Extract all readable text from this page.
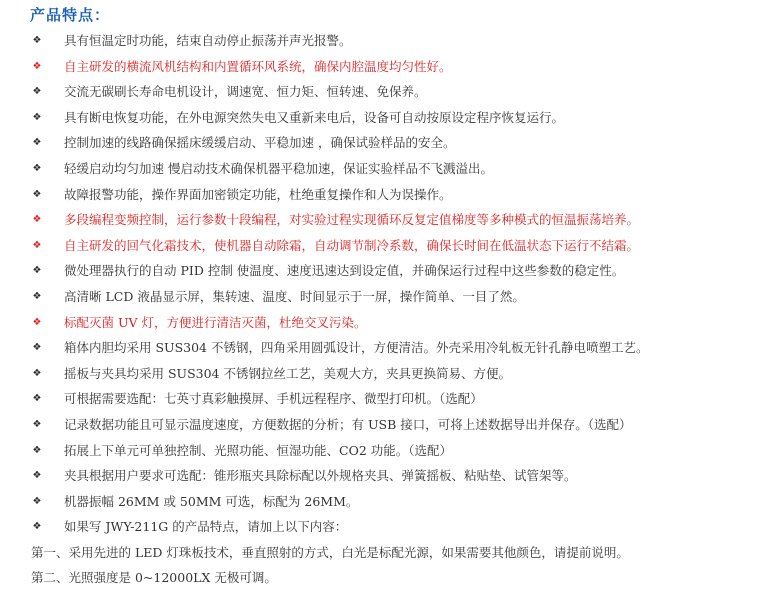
产品特点：
❖ 具有恒温定时功能，结束自动停止振荡并声光报警。
❖ 自主研发的横流风机结构和内置循环风系统，确保内腔温度均匀性好。
❖ 交流无碳刷长寿命电机设计，调速宽、恒力矩、恒转速、免保养。
❖ 具有断电恢复功能，在外电源突然失电又重新来电后，设备可自动按原设定程序恢复运行。
❖ 控制加速的线路确保摇床缓缓启动、平稳加速 ，确保试验样品的安全。
❖ 轻缓启动均匀加速 慢启动技术确保机器平稳加速，保证实验样品不飞溅溢出。
❖ 故障报警功能，操作界面加密锁定功能，杜绝重复操作和人为误操作。
❖ 多段编程变频控制，运行参数十段编程，对实验过程实现循环反复定值梯度等多种模式的恒温振荡培养。
❖ 自主研发的回气化霜技术，使机器自动除霜，自动调节制冷系数，确保长时间在低温状态下运行不结霜。
❖ 微处理器执行的自动 PID 控制 使温度、速度迅速达到设定值，并确保运行过程中这些参数的稳定性。
❖ 高清晰 LCD 液晶显示屏，集转速、温度、时间显示于一屏，操作简单、一目了然。
❖ 标配灭菌 UV 灯，方便进行清洁灭菌，杜绝交叉污染。
❖ 箱体内胆均采用 SUS304 不锈钢，四角采用圆弧设计，方便清洁。外壳采用冷轧板无针孔静电喷塑工艺。
❖ 摇板与夹具均采用 SUS304 不锈钢拉丝工艺，美观大方，夹具更换简易、方便。
❖ 可根据需要选配：七英寸真彩触摸屏、手机远程程序、微型打印机。（选配）
❖ 记录数据功能且可显示温度速度，方便数据的分析；有 USB 接口，可将上述数据导出并保存。（选配）
❖ 拓展上下单元可单独控制、光照功能、恒湿功能、CO2 功能。（选配）
❖ 夹具根据用户要求可选配：锥形瓶夹具除标配以外规格夹具、弹簧摇板、粘贴垫、试管架等。
❖ 机器振幅 26MM 或 50MM 可选，标配为 26MM。
❖ 如果写 JWY-211G 的产品特点，请加上以下内容：
第一、采用先进的 LED 灯珠板技术，垂直照射的方式，白光是标配光源，如果需要其他颜色，请提前说明。
第二、光照强度是 0~12000LX 无极可调。
